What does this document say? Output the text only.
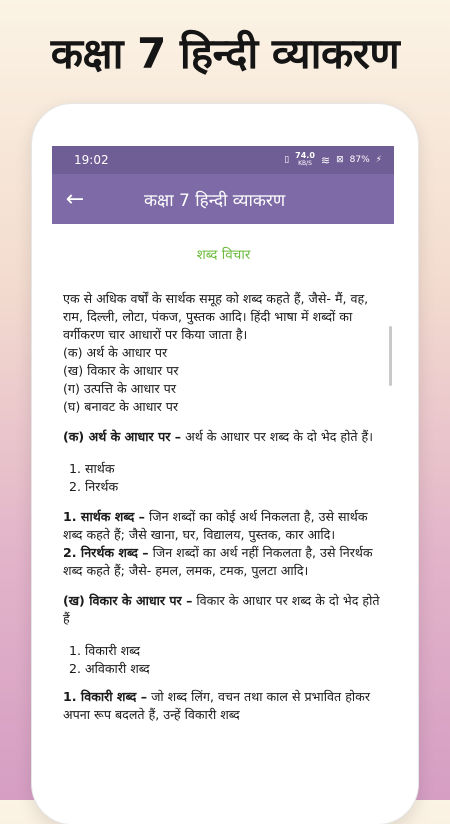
कक्षा 7 हिन्दी व्याकरण
19:02	▯ 74.0
KB/S ≋ ⊠ 87% ⚡
←	कक्षा 7 हिन्दी व्याकरण
शब्द विचार

एक से अधिक वर्षों के सार्थक समूह को शब्द कहते हैं, जैसे- मैं, वह, राम, दिल्ली, लोटा, पंकज, पुस्तक आदि। हिंदी भाषा में शब्दों का वर्गीकरण चार आधारों पर किया जाता है।

(क) अर्थ के आधार पर

(ख) विकार के आधार पर

(ग) उत्पत्ति के आधार पर

(घ) बनावट के आधार पर

(क) अर्थ के आधार पर – अर्थ के आधार पर शब्द के दो भेद होते हैं।

1. सार्थक
2. निरर्थक

1. सार्थक शब्द – जिन शब्दों का कोई अर्थ निकलता है, उसे सार्थक शब्द कहते हैं; जैसे खाना, घर, विद्यालय, पुस्तक, कार आदि।

2. निरर्थक शब्द – जिन शब्दों का अर्थ नहीं निकलता है, उसे निरर्थक शब्द कहते हैं; जैसे- हमल, लमक, टमक, पुलटा आदि।

(ख) विकार के आधार पर – विकार के आधार पर शब्द के दो भेद होते हैं

1. विकारी शब्द
2. अविकारी शब्द

1. विकारी शब्द – जो शब्द लिंग, वचन तथा काल से प्रभावित होकर अपना रूप बदलते हैं, उन्हें विकारी शब्द
